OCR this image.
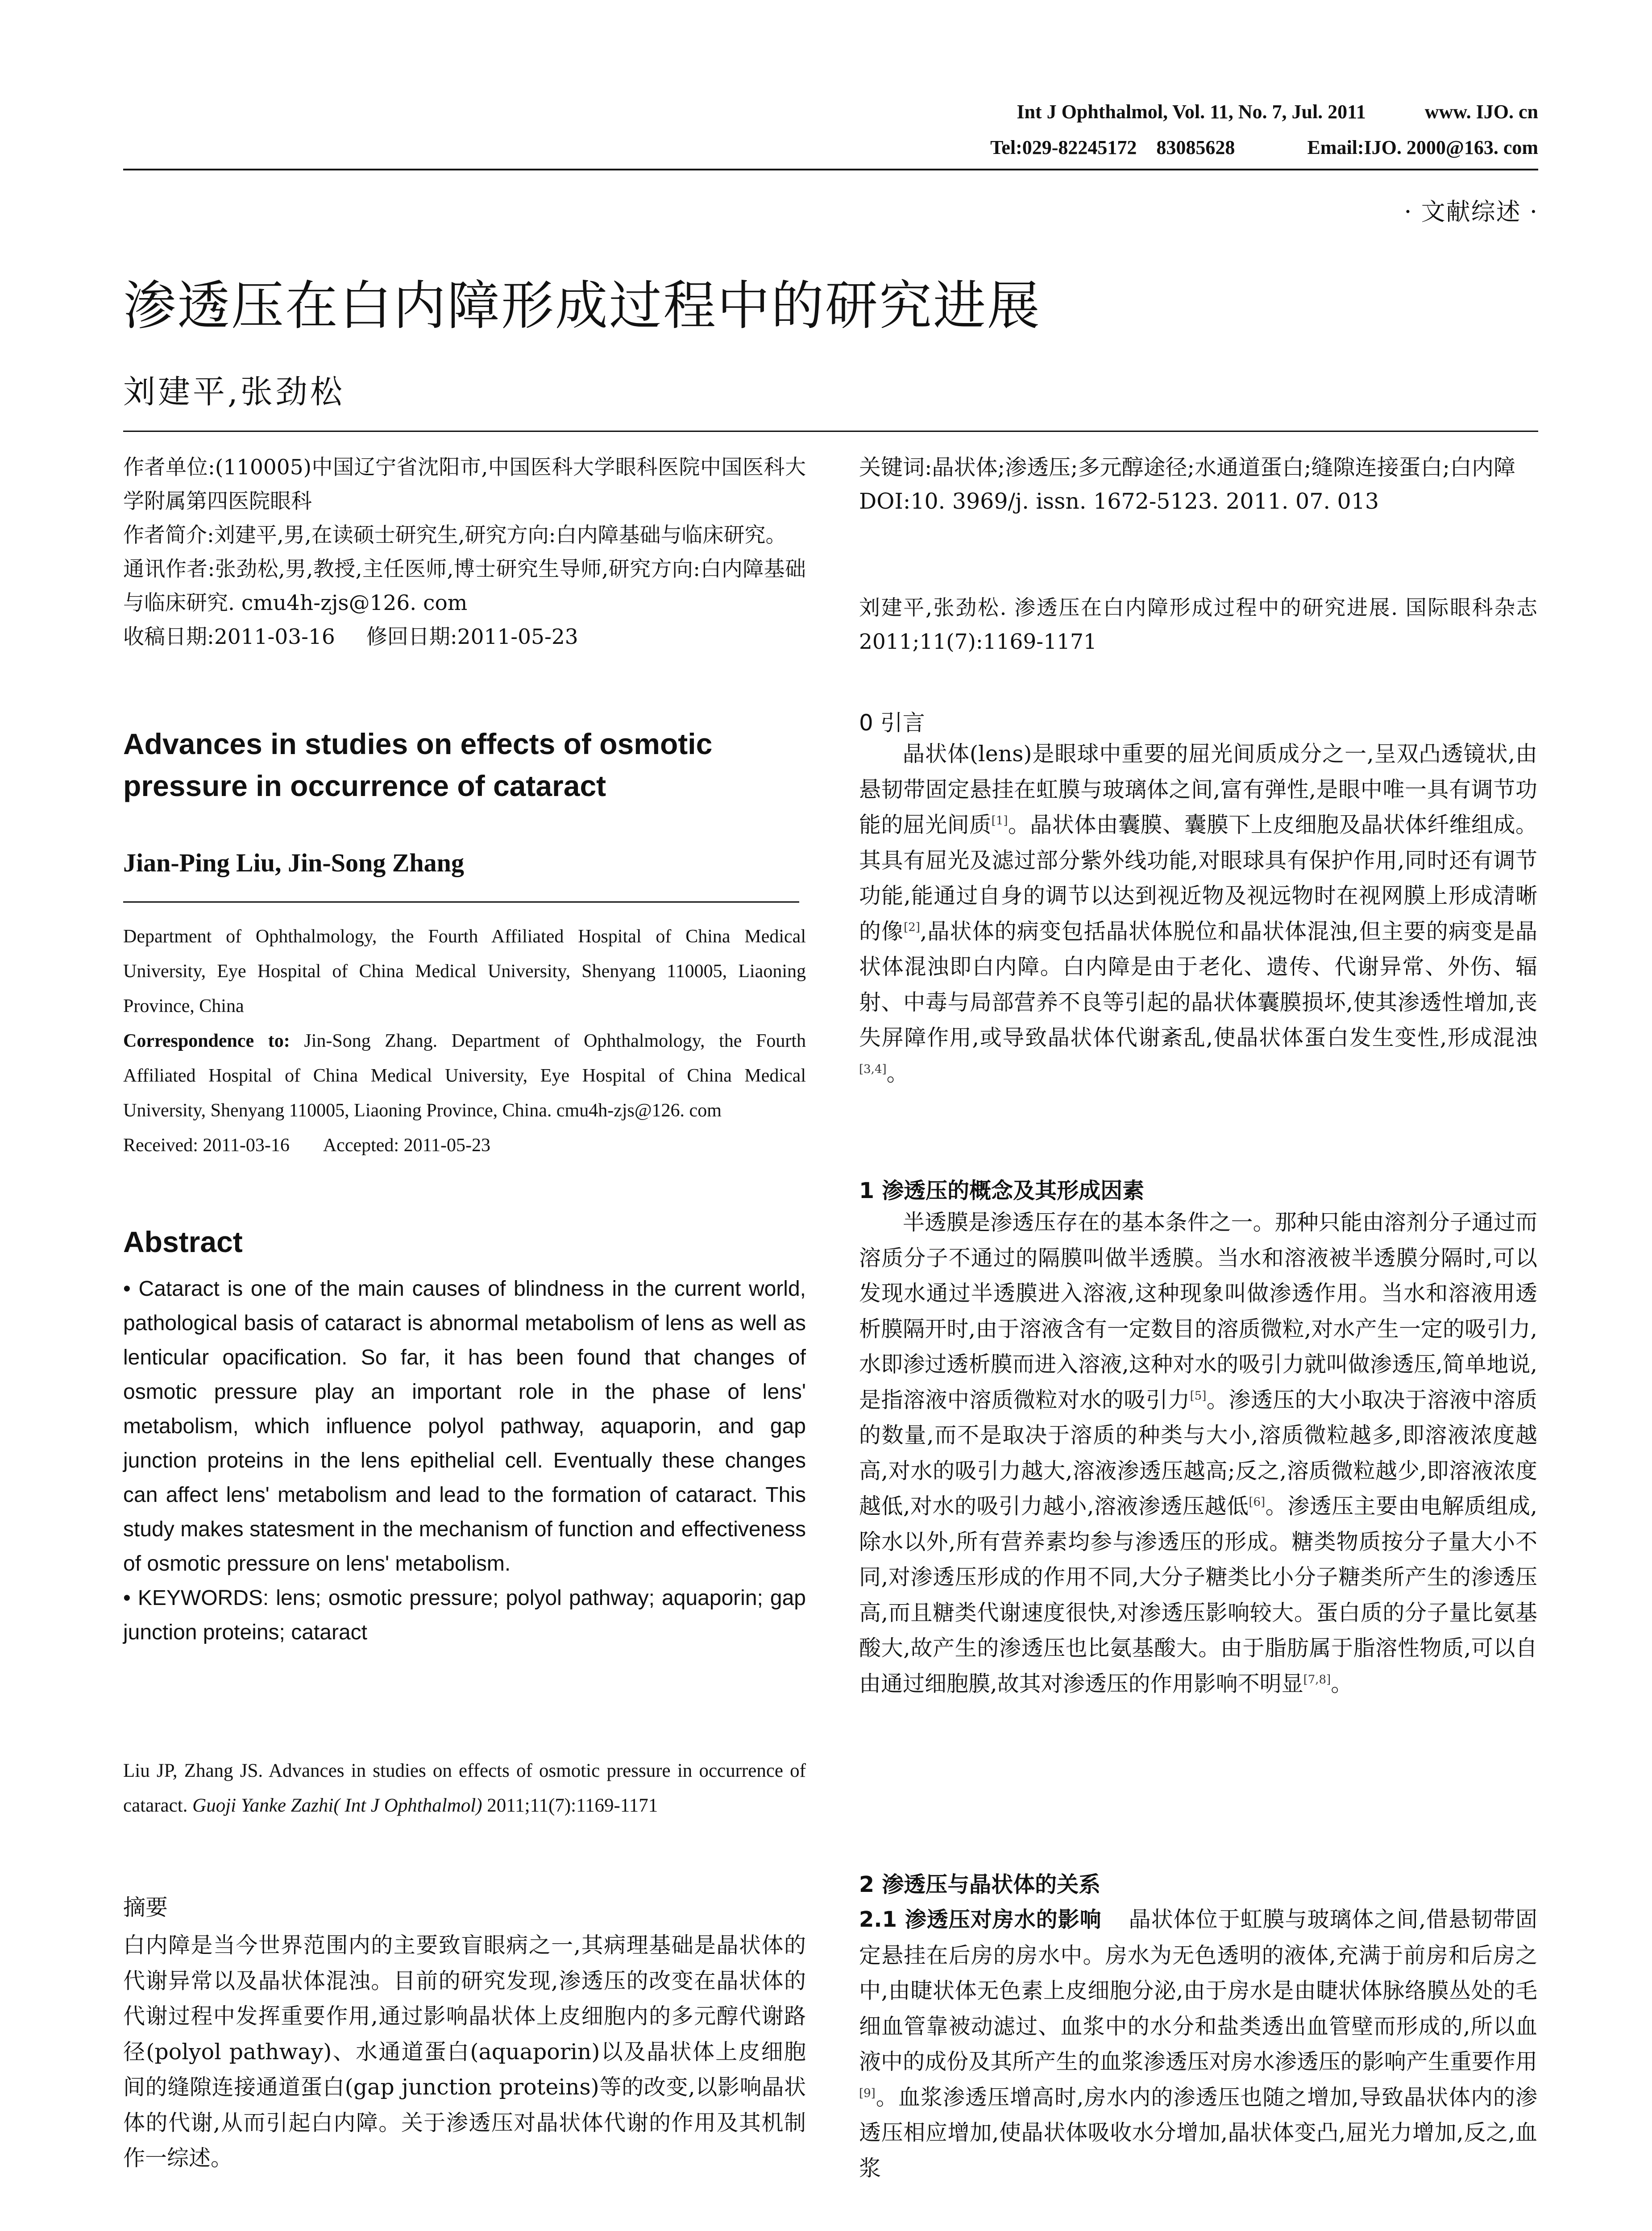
Int J Ophthalmol, Vol. 11, No. 7, Jul. 2011	www. IJO. cn
Tel:029-82245172    83085628	Email:IJO. 2000@163. com
· 文献综述 ·
渗透压在白内障形成过程中的研究进展
刘建平,张劲松

作者单位:(110005)中国辽宁省沈阳市,中国医科大学眼科医院中国医科大学附属第四医院眼科

作者简介:刘建平,男,在读硕士研究生,研究方向:白内障基础与临床研究。

通讯作者:张劲松,男,教授,主任医师,博士研究生导师,研究方向:白内障基础与临床研究. cmu4h-zjs@126. com

收稿日期:2011-03-16 修回日期:2011-05-23

Advances in studies on effects of osmotic pressure in occurrence of cataract
Jian-Ping Liu, Jin-Song Zhang
Department of Ophthalmology, the Fourth Affiliated Hospital of China Medical University, Eye Hospital of China Medical University, Shenyang 110005, Liaoning Province, China
Correspondence to: Jin-Song Zhang. Department of Ophthalmology, the Fourth Affiliated Hospital of China Medical University, Eye Hospital of China Medical University, Shenyang 110005, Liaoning Province, China. cmu4h-zjs@126. com
Received: 2011-03-16 Accepted: 2011-05-23
Abstract

• Cataract is one of the main causes of blindness in the current world, pathological basis of cataract is abnormal metabolism of lens as well as lenticular opacification. So far, it has been found that changes of osmotic pressure play an important role in the phase of lens' metabolism, which influence polyol pathway, aquaporin, and gap junction proteins in the lens epithelial cell. Eventually these changes can affect lens' metabolism and lead to the formation of cataract. This study makes statesment in the mechanism of function and effectiveness of osmotic pressure on lens' metabolism.

• KEYWORDS: lens; osmotic pressure; polyol pathway; aquaporin; gap junction proteins; cataract

Liu JP, Zhang JS. Advances in studies on effects of osmotic pressure in occurrence of cataract. Guoji Yanke Zazhi( Int J Ophthalmol) 2011;11(7):1169-1171
摘要
白内障是当今世界范围内的主要致盲眼病之一,其病理基础是晶状体的代谢异常以及晶状体混浊。目前的研究发现,渗透压的改变在晶状体的代谢过程中发挥重要作用,通过影响晶状体上皮细胞内的多元醇代谢路径(polyol pathway)、水通道蛋白(aquaporin)以及晶状体上皮细胞间的缝隙连接通道蛋白(gap junction proteins)等的改变,以影响晶状体的代谢,从而引起白内障。关于渗透压对晶状体代谢的作用及其机制作一综述。

关键词:晶状体;渗透压;多元醇途径;水通道蛋白;缝隙连接蛋白;白内障

DOI:10. 3969/j. issn. 1672-5123. 2011. 07. 013

刘建平,张劲松. 渗透压在白内障形成过程中的研究进展. 国际眼科杂志 2011;11(7):1169-1171
0 引言

晶状体(lens)是眼球中重要的屈光间质成分之一,呈双凸透镜状,由悬韧带固定悬挂在虹膜与玻璃体之间,富有弹性,是眼中唯一具有调节功能的屈光间质[1]。晶状体由囊膜、囊膜下上皮细胞及晶状体纤维组成。其具有屈光及滤过部分紫外线功能,对眼球具有保护作用,同时还有调节功能,能通过自身的调节以达到视近物及视远物时在视网膜上形成清晰的像[2],晶状体的病变包括晶状体脱位和晶状体混浊,但主要的病变是晶状体混浊即白内障。白内障是由于老化、遗传、代谢异常、外伤、辐射、中毒与局部营养不良等引起的晶状体囊膜损坏,使其渗透性增加,丧失屏障作用,或导致晶状体代谢紊乱,使晶状体蛋白发生变性,形成混浊[3,4]。

1 渗透压的概念及其形成因素

半透膜是渗透压存在的基本条件之一。那种只能由溶剂分子通过而溶质分子不通过的隔膜叫做半透膜。当水和溶液被半透膜分隔时,可以发现水通过半透膜进入溶液,这种现象叫做渗透作用。当水和溶液用透析膜隔开时,由于溶液含有一定数目的溶质微粒,对水产生一定的吸引力,水即渗过透析膜而进入溶液,这种对水的吸引力就叫做渗透压,简单地说,是指溶液中溶质微粒对水的吸引力[5]。渗透压的大小取决于溶液中溶质的数量,而不是取决于溶质的种类与大小,溶质微粒越多,即溶液浓度越高,对水的吸引力越大,溶液渗透压越高;反之,溶质微粒越少,即溶液浓度越低,对水的吸引力越小,溶液渗透压越低[6]。渗透压主要由电解质组成,除水以外,所有营养素均参与渗透压的形成。糖类物质按分子量大小不同,对渗透压形成的作用不同,大分子糖类比小分子糖类所产生的渗透压高,而且糖类代谢速度很快,对渗透压影响较大。蛋白质的分子量比氨基酸大,故产生的渗透压也比氨基酸大。由于脂肪属于脂溶性物质,可以自由通过细胞膜,故其对渗透压的作用影响不明显[7,8]。

2 渗透压与晶状体的关系

2.1 渗透压对房水的影响 晶状体位于虹膜与玻璃体之间,借悬韧带固定悬挂在后房的房水中。房水为无色透明的液体,充满于前房和后房之中,由睫状体无色素上皮细胞分泌,由于房水是由睫状体脉络膜丛处的毛细血管靠被动滤过、血浆中的水分和盐类透出血管壁而形成的,所以血液中的成份及其所产生的血浆渗透压对房水渗透压的影响产生重要作用[9]。血浆渗透压增高时,房水内的渗透压也随之增加,导致晶状体内的渗透压相应增加,使晶状体吸收水分增加,晶状体变凸,屈光力增加,反之,血浆
